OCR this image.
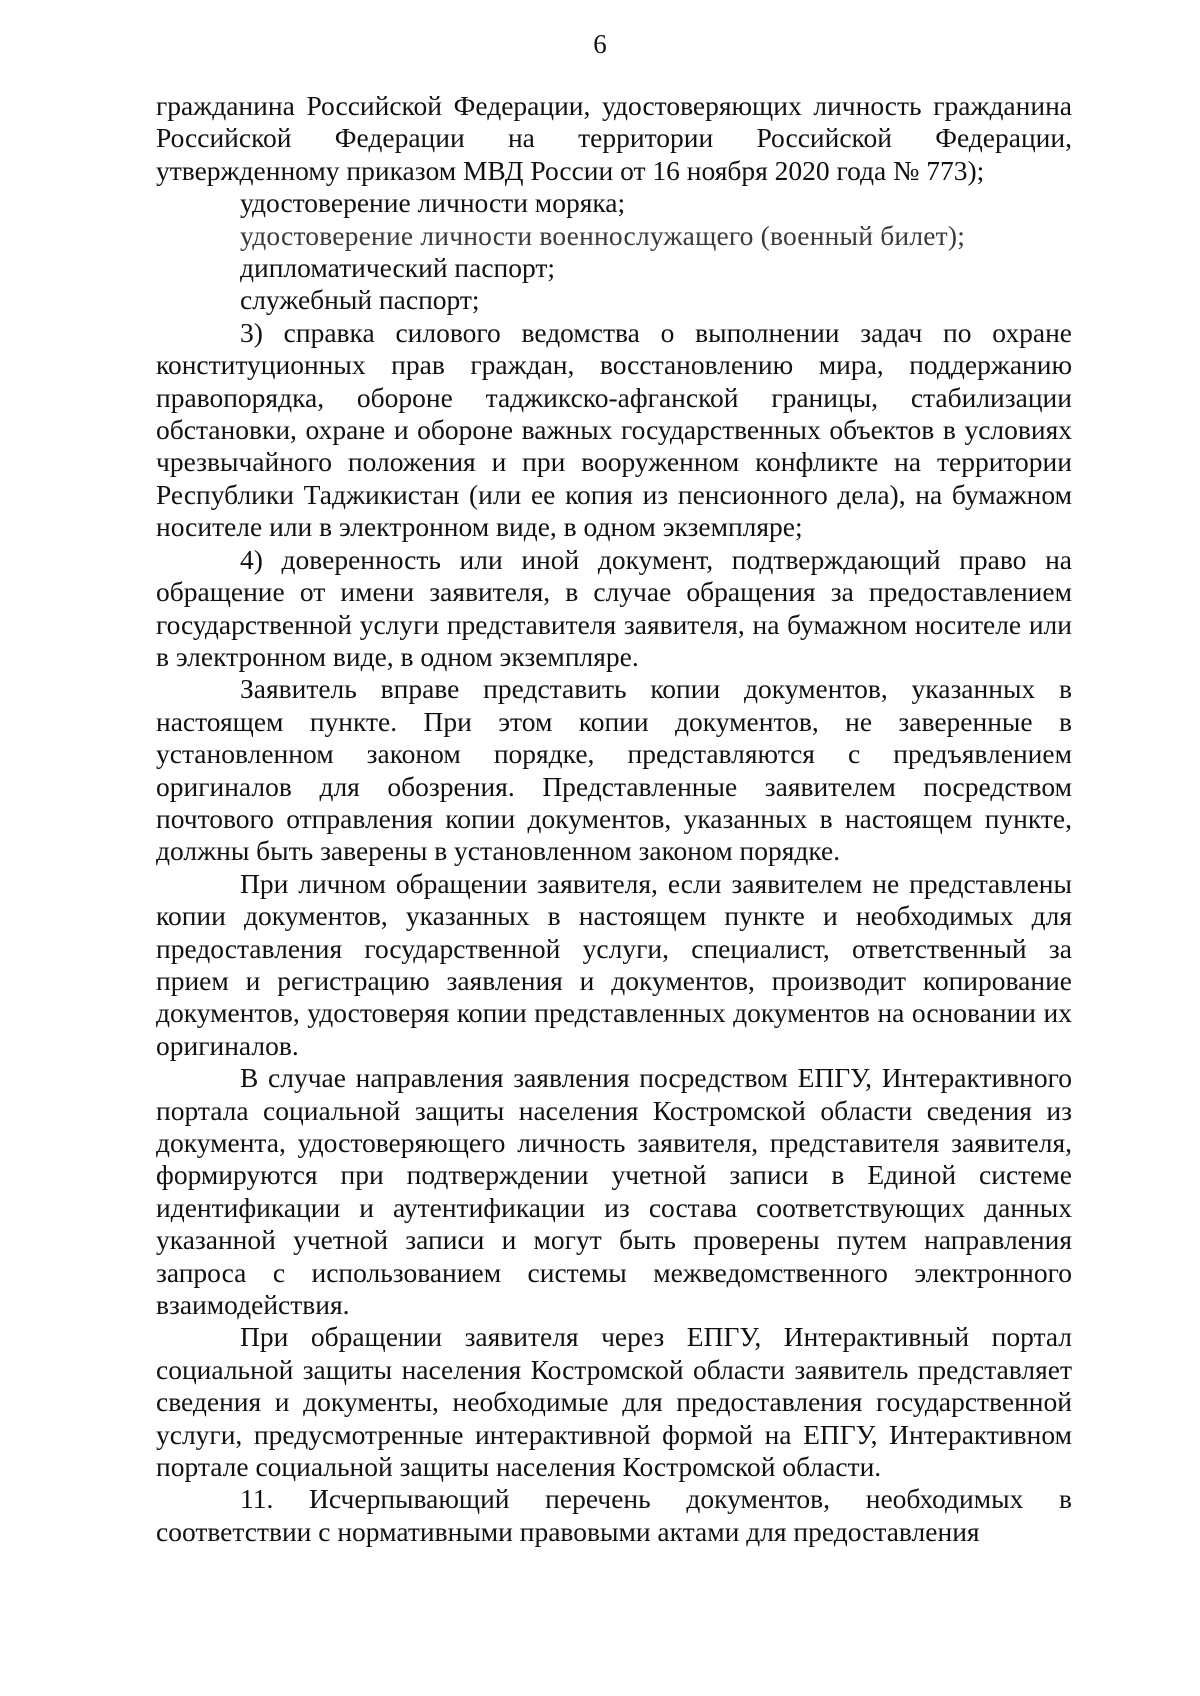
6

гражданина Российской Федерации, удостоверяющих личность гражданина Российской Федерации на территории Российской Федерации, утвержденному приказом МВД России от 16 ноября 2020 года № 773);

удостоверение личности моряка;

удостоверение личности военнослужащего (военный билет);

дипломатический паспорт;

служебный паспорт;

3) справка силового ведомства о выполнении задач по охране конституционных прав граждан, восстановлению мира, поддержанию правопорядка, обороне таджикско-афганской границы, стабилизации обстановки, охране и обороне важных государственных объектов в условиях чрезвычайного положения и при вооруженном конфликте на территории Республики Таджикистан (или ее копия из пенсионного дела), на бумажном носителе или в электронном виде, в одном экземпляре;

4) доверенность или иной документ, подтверждающий право на обращение от имени заявителя, в случае обращения за предоставлением государственной услуги представителя заявителя, на бумажном носителе или в электронном виде, в одном экземпляре.

Заявитель вправе представить копии документов, указанных в настоящем пункте. При этом копии документов, не заверенные в установленном законом порядке, представляются с предъявлением оригиналов для обозрения. Представленные заявителем посредством почтового отправления копии документов, указанных в настоящем пункте, должны быть заверены в установленном законом порядке.

При личном обращении заявителя, если заявителем не представлены копии документов, указанных в настоящем пункте и необходимых для предоставления государственной услуги, специалист, ответственный за прием и регистрацию заявления и документов, производит копирование документов, удостоверяя копии представленных документов на основании их оригиналов.

В случае направления заявления посредством ЕПГУ, Интерактивного портала социальной защиты населения Костромской области сведения из документа, удостоверяющего личность заявителя, представителя заявителя, формируются при подтверждении учетной записи в Единой системе идентификации и аутентификации из состава соответствующих данных указанной учетной записи и могут быть проверены путем направления запроса с использованием системы межведомственного электронного взаимодействия.

При обращении заявителя через ЕПГУ, Интерактивный портал социальной защиты населения Костромской области заявитель представляет сведения и документы, необходимые для предоставления государственной услуги, предусмотренные интерактивной формой на ЕПГУ, Интерактивном портале социальной защиты населения Костромской области.

11. Исчерпывающий перечень документов, необходимых в соответствии с нормативными правовыми актами для предоставления
